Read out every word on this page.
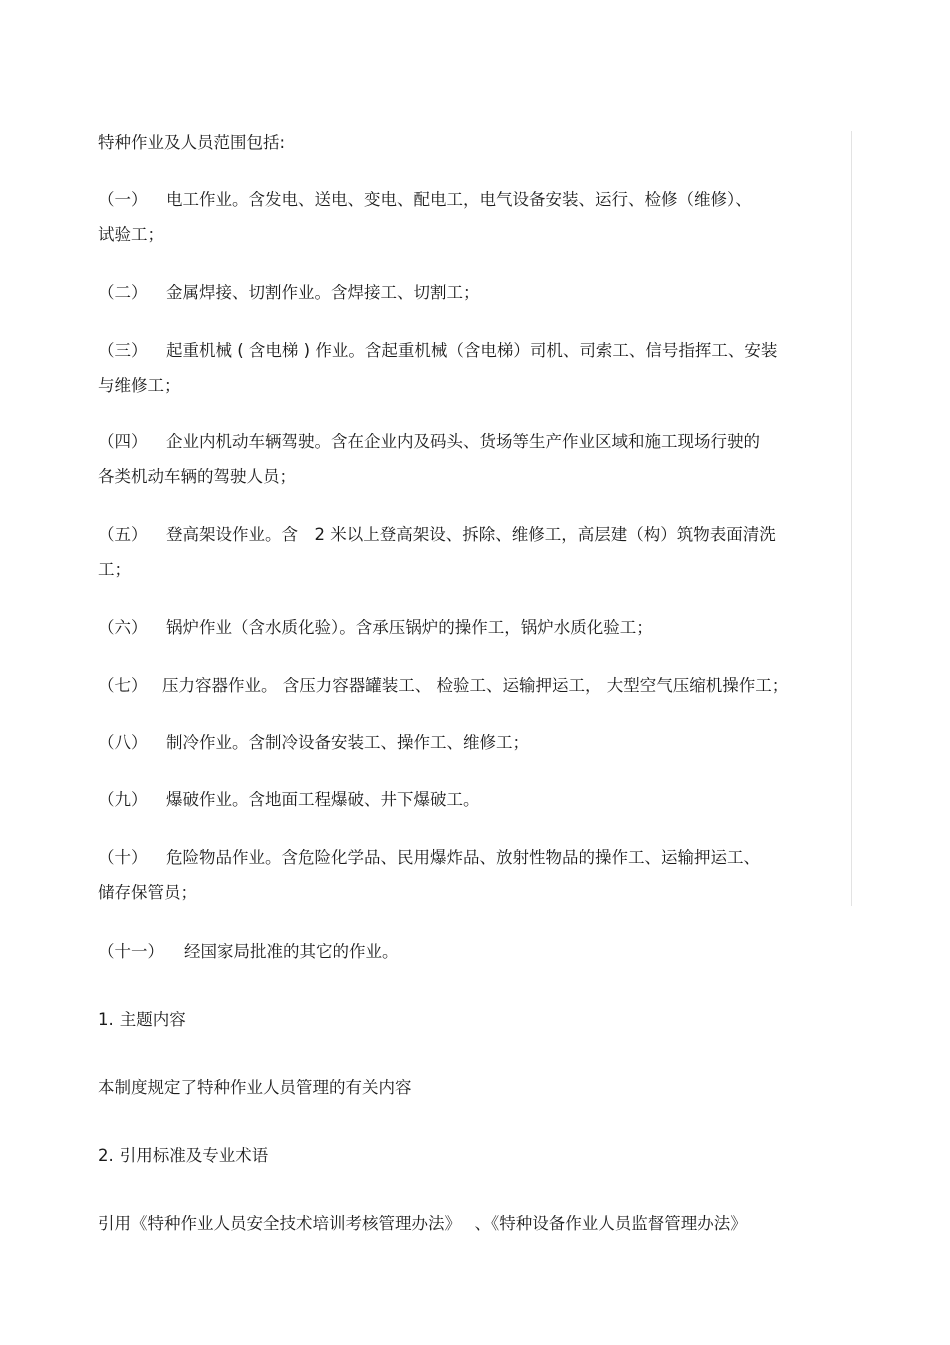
特种作业及人员范围包括:

（一） 电工作业。含发电、送电、变电、配电工，电气设备安装、运行、检修（维修）、
试验工；
（二） 金属焊接、切割作业。含焊接工、切割工；
（三） 起重机械 ( 含电梯 ) 作业。含起重机械（含电梯）司机、司索工、信号指挥工、安装
与维修工；
（四） 企业内机动车辆驾驶。含在企业内及码头、货场等生产作业区域和施工现场行驶的
各类机动车辆的驾驶人员；
（五） 登高架设作业。含　2 米以上登高架设、拆除、维修工，高层建（构）筑物表面清洗
工；
（六） 锅炉作业（含水质化验）。含承压锅炉的操作工，锅炉水质化验工；
（七） 压力容器作业。 含压力容器罐装工、 检验工、运输押运工， 大型空气压缩机操作工；
（八） 制冷作业。含制冷设备安装工、操作工、维修工；
（九） 爆破作业。含地面工程爆破、井下爆破工。
（十） 危险物品作业。含危险化学品、民用爆炸品、放射性物品的操作工、运输押运工、
储存保管员；
（十一） 经国家局批准的其它的作业。
1. 主题内容

本制度规定了特种作业人员管理的有关内容

2. 引用标准及专业术语

引用《特种作业人员安全技术培训考核管理办法》　 、《特种设备作业人员监督管理办法》
